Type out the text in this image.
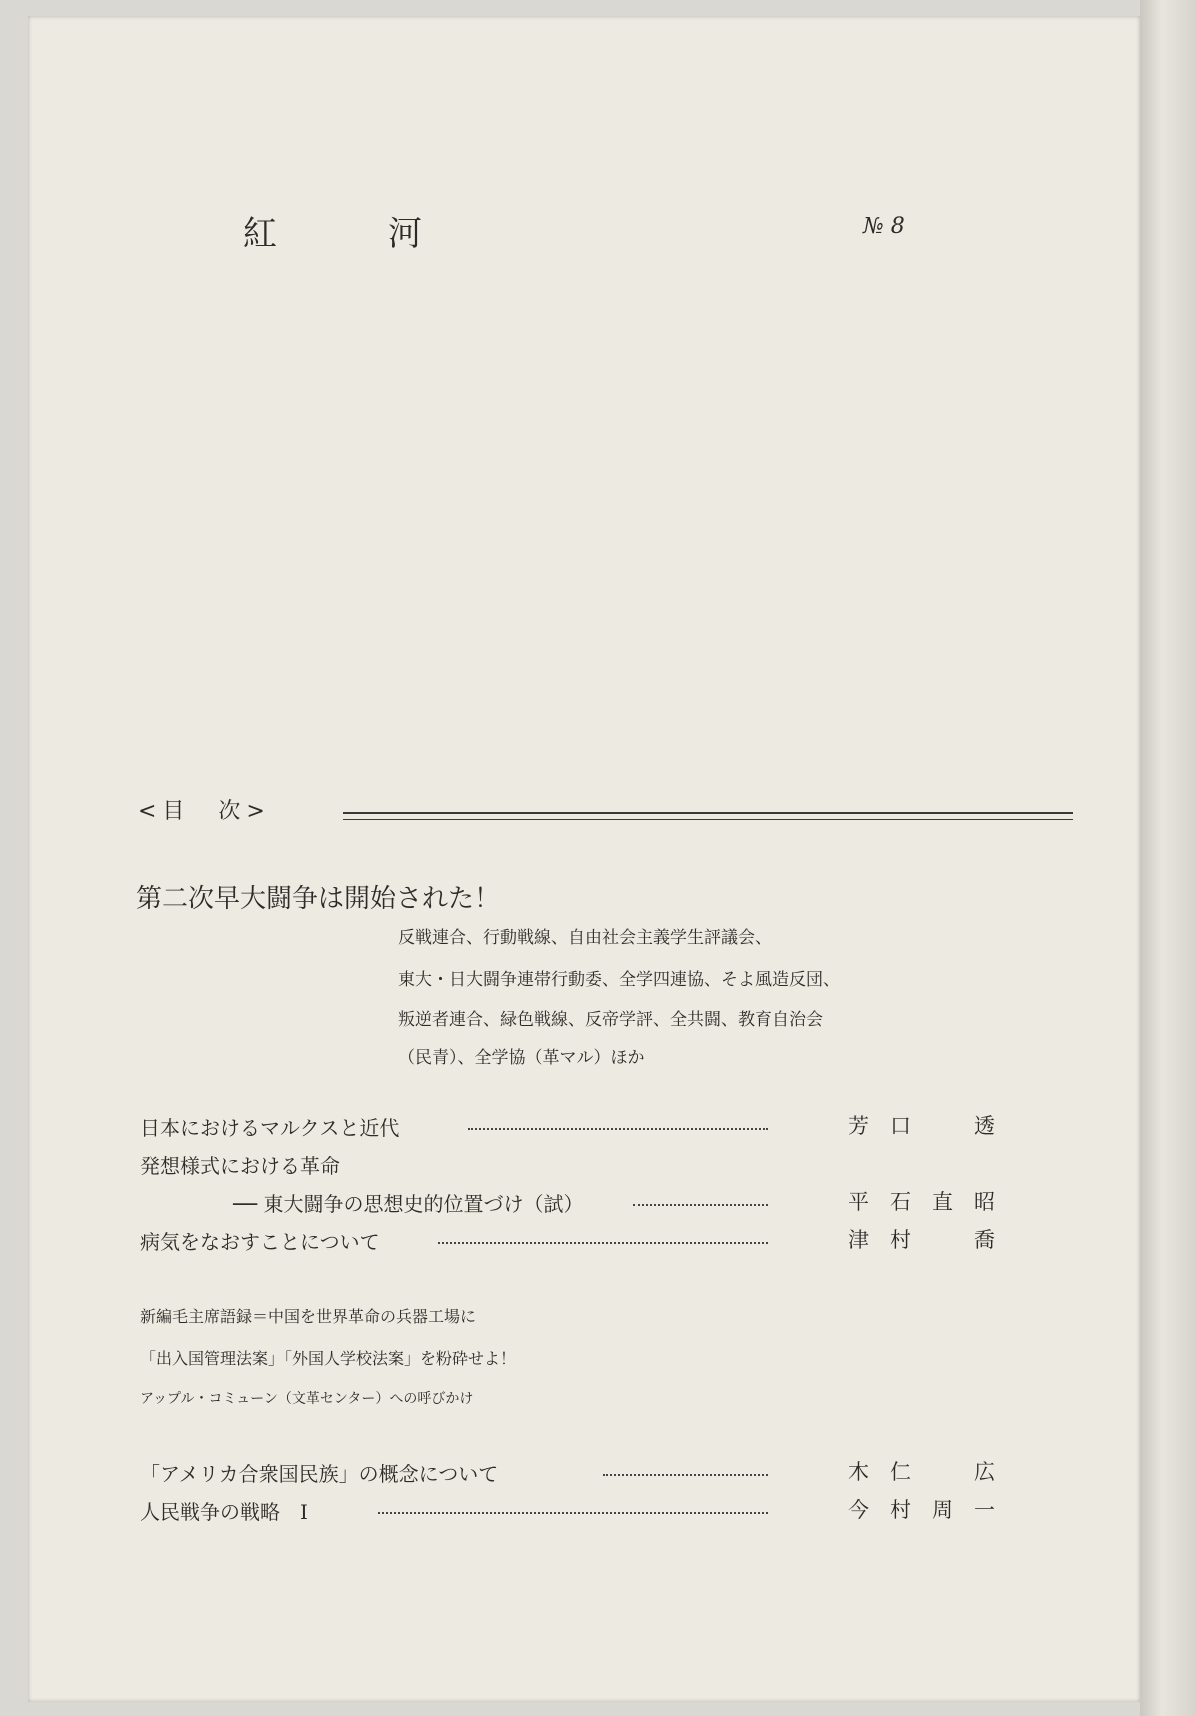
紅	河	№ 8
<目　次>
第二次早大闘争は開始された！
反戦連合、行動戦線、自由社会主義学生評議会、
東大・日大闘争連帯行動委、全学四連協、そよ風造反団、
叛逆者連合、緑色戦線、反帝学評、全共闘、教育自治会
（民青）、全学協（革マル）ほか
日本におけるマルクスと近代	芳　口　　　透
発想様式における革命
── 東大闘争の思想史的位置づけ（試）	平　石　直　昭
病気をなおすことについて	津　村　　　喬
新編毛主席語録＝中国を世界革命の兵器工場に
「出入国管理法案」「外国人学校法案」を粉砕せよ！
アップル・コミューン（文革センター）への呼びかけ
「アメリカ合衆国民族」の概念について	木　仁　　　広
人民戦争の戦略　Ⅰ	今　村　周　一
